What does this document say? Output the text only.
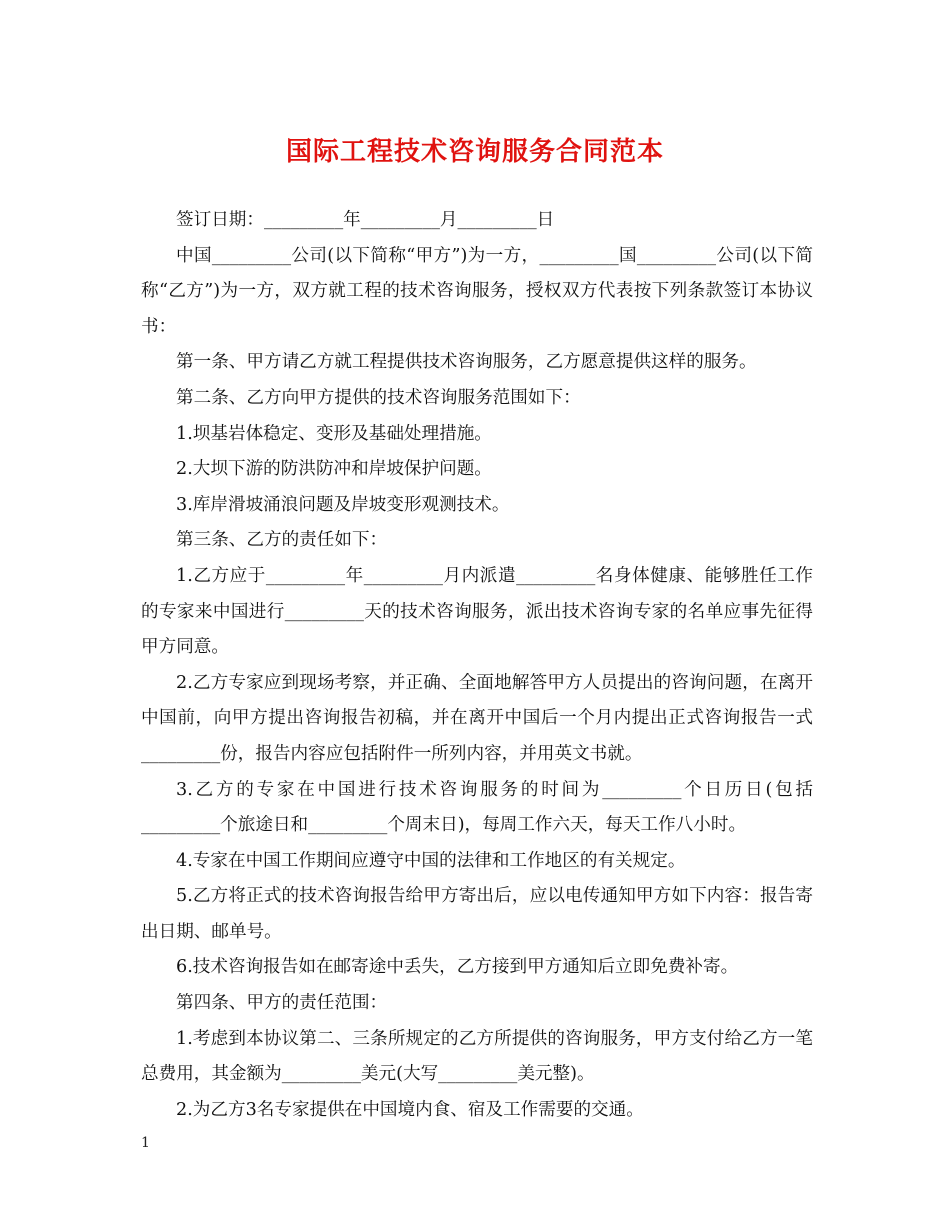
国际工程技术咨询服务合同范本

签订日期：_________年_________月_________日

中国_________公司(以下简称“甲方”)为一方，_________国_________公司(以下简称“乙方”)为一方，双方就工程的技术咨询服务，授权双方代表按下列条款签订本协议书：

第一条、甲方请乙方就工程提供技术咨询服务，乙方愿意提供这样的服务。

第二条、乙方向甲方提供的技术咨询服务范围如下：

1.坝基岩体稳定、变形及基础处理措施。

2.大坝下游的防洪防冲和岸坡保护问题。

3.库岸滑坡涌浪问题及岸坡变形观测技术。

第三条、乙方的责任如下：

1.乙方应于_________年_________月内派遣_________名身体健康、能够胜任工作的专家来中国进行_________天的技术咨询服务，派出技术咨询专家的名单应事先征得甲方同意。

2.乙方专家应到现场考察，并正确、全面地解答甲方人员提出的咨询问题，在离开中国前，向甲方提出咨询报告初稿，并在离开中国后一个月内提出正式咨询报告一式_________份，报告内容应包括附件一所列内容，并用英文书就。

3.乙方的专家在中国进行技术咨询服务的时间为_________个日历日(包括_________个旅途日和_________个周末日)，每周工作六天，每天工作八小时。

4.专家在中国工作期间应遵守中国的法律和工作地区的有关规定。

5.乙方将正式的技术咨询报告给甲方寄出后，应以电传通知甲方如下内容：报告寄出日期、邮单号。

6.技术咨询报告如在邮寄途中丢失，乙方接到甲方通知后立即免费补寄。

第四条、甲方的责任范围：

1.考虑到本协议第二、三条所规定的乙方所提供的咨询服务，甲方支付给乙方一笔总费用，其金额为_________美元(大写_________美元整)。

2.为乙方3名专家提供在中国境内食、宿及工作需要的交通。

1
